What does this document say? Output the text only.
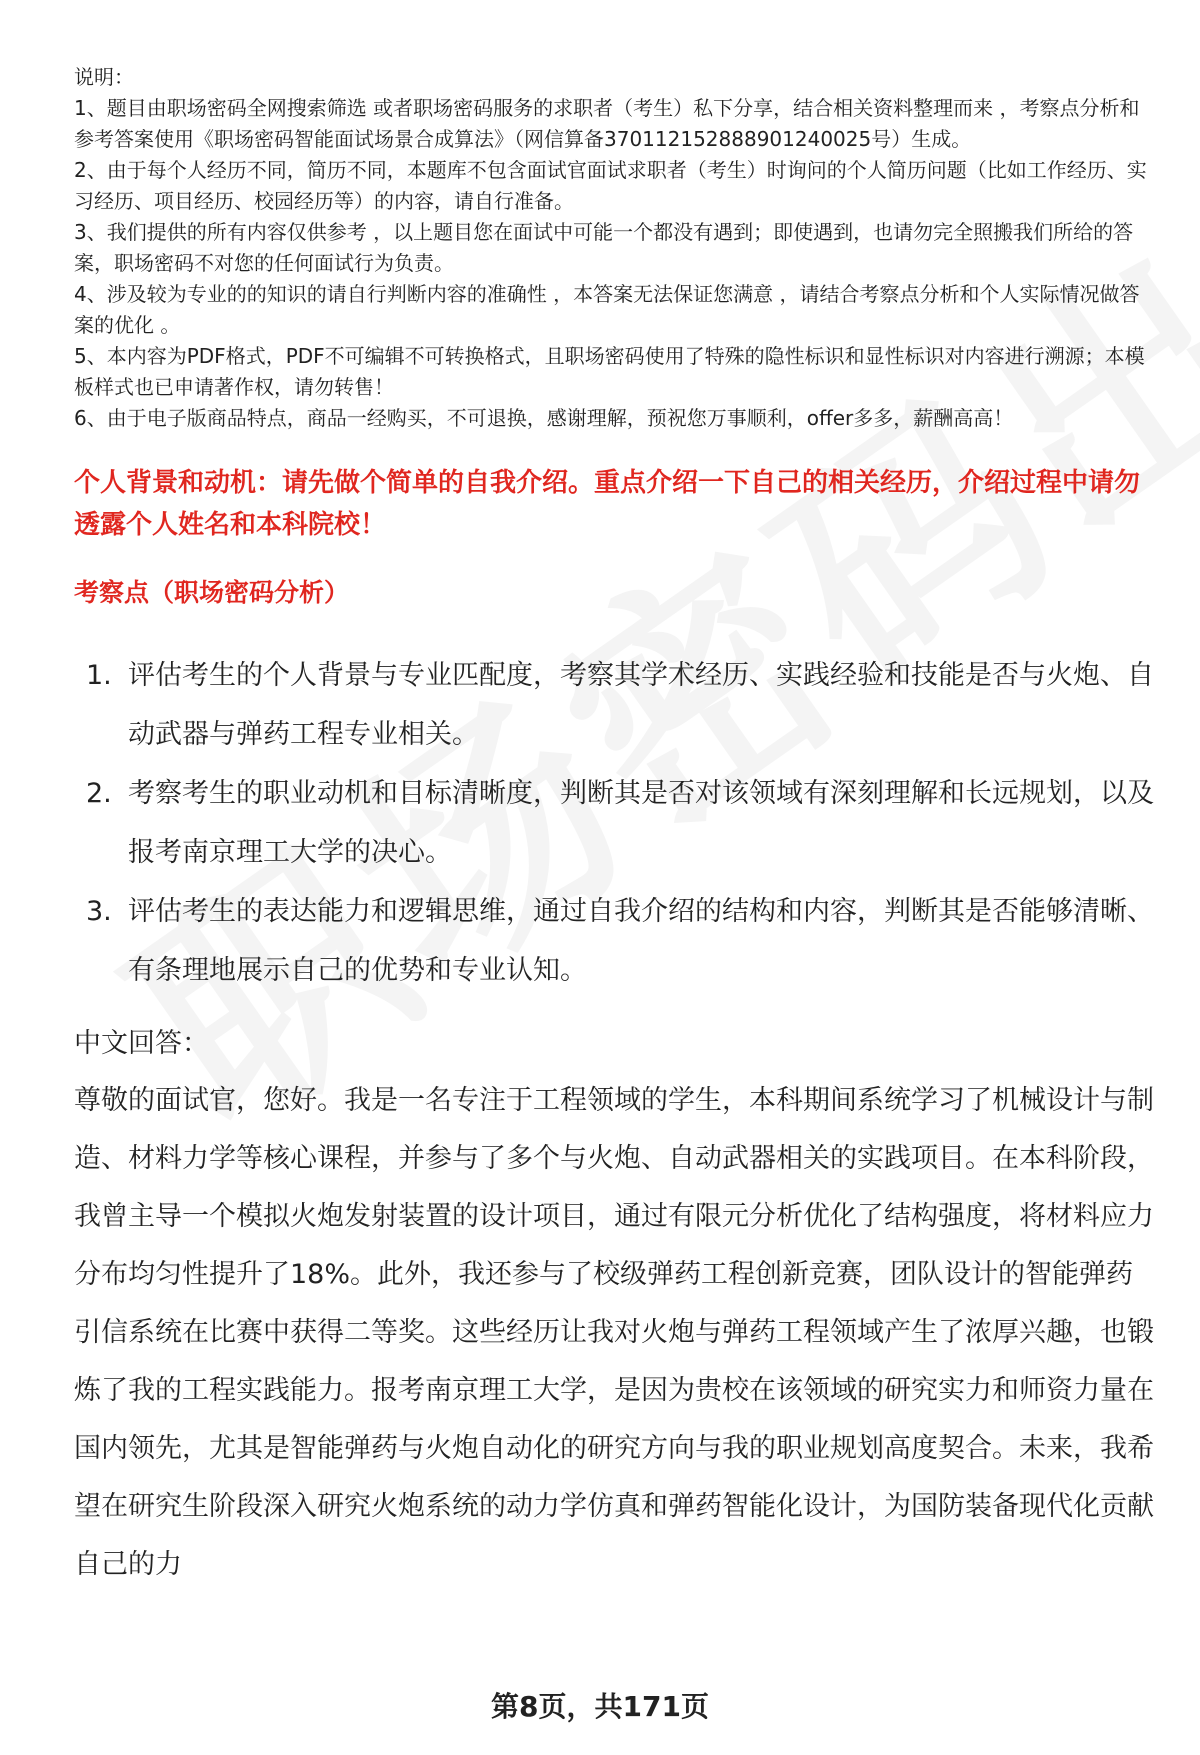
说明：

1、题目由职场密码全网搜索筛选 或者职场密码服务的求职者（考生）私下分享，结合相关资料整理而来 ，考察点分析和参考答案使用《职场密码智能面试场景合成算法》（网信算备370112152888901240025号）生成。

2、由于每个人经历不同，简历不同，本题库不包含面试官面试求职者（考生）时询问的个人简历问题（比如工作经历、实习经历、项目经历、校园经历等）的内容，请自行准备。

3、我们提供的所有内容仅供参考 ，以上题目您在面试中可能一个都没有遇到；即使遇到，也请勿完全照搬我们所给的答案，职场密码不对您的任何面试行为负责。

4、涉及较为专业的的知识的请自行判断内容的准确性 ，本答案无法保证您满意 ，请结合考察点分析和个人实际情况做答案的优化 。

5、本内容为PDF格式，PDF不可编辑不可转换格式，且职场密码使用了特殊的隐性标识和显性标识对内容进行溯源；本模板样式也已申请著作权，请勿转售！

6、由于电子版商品特点，商品一经购买，不可退换，感谢理解，预祝您万事顺利，offer多多，薪酬高高！

个人背景和动机：请先做个简单的自我介绍。重点介绍一下自己的相关经历，介绍过程中请勿透露个人姓名和本科院校！
考察点（职场密码分析）
1. 评估考生的个人背景与专业匹配度，考察其学术经历、实践经验和技能是否与火炮、自动武器与弹药工程专业相关。
2. 考察考生的职业动机和目标清晰度，判断其是否对该领域有深刻理解和长远规划，以及报考南京理工大学的决心。
3. 评估考生的表达能力和逻辑思维，通过自我介绍的结构和内容，判断其是否能够清晰、有条理地展示自己的优势和专业认知。
中文回答：
尊敬的面试官，您好。我是一名专注于工程领域的学生，本科期间系统学习了机械设计与制造、材料力学等核心课程，并参与了多个与火炮、自动武器相关的实践项目。在本科阶段，我曾主导一个模拟火炮发射装置的设计项目，通过有限元分析优化了结构强度，将材料应力分布均匀性提升了18%。此外，我还参与了校级弹药工程创新竞赛，团队设计的智能弹药引信系统在比赛中获得二等奖。这些经历让我对火炮与弹药工程领域产生了浓厚兴趣，也锻炼了我的工程实践能力。报考南京理工大学，是因为贵校在该领域的研究实力和师资力量在国内领先，尤其是智能弹药与火炮自动化的研究方向与我的职业规划高度契合。未来，我希望在研究生阶段深入研究火炮系统的动力学仿真和弹药智能化设计，为国防装备现代化贡献自己的力
第8页，共171页
